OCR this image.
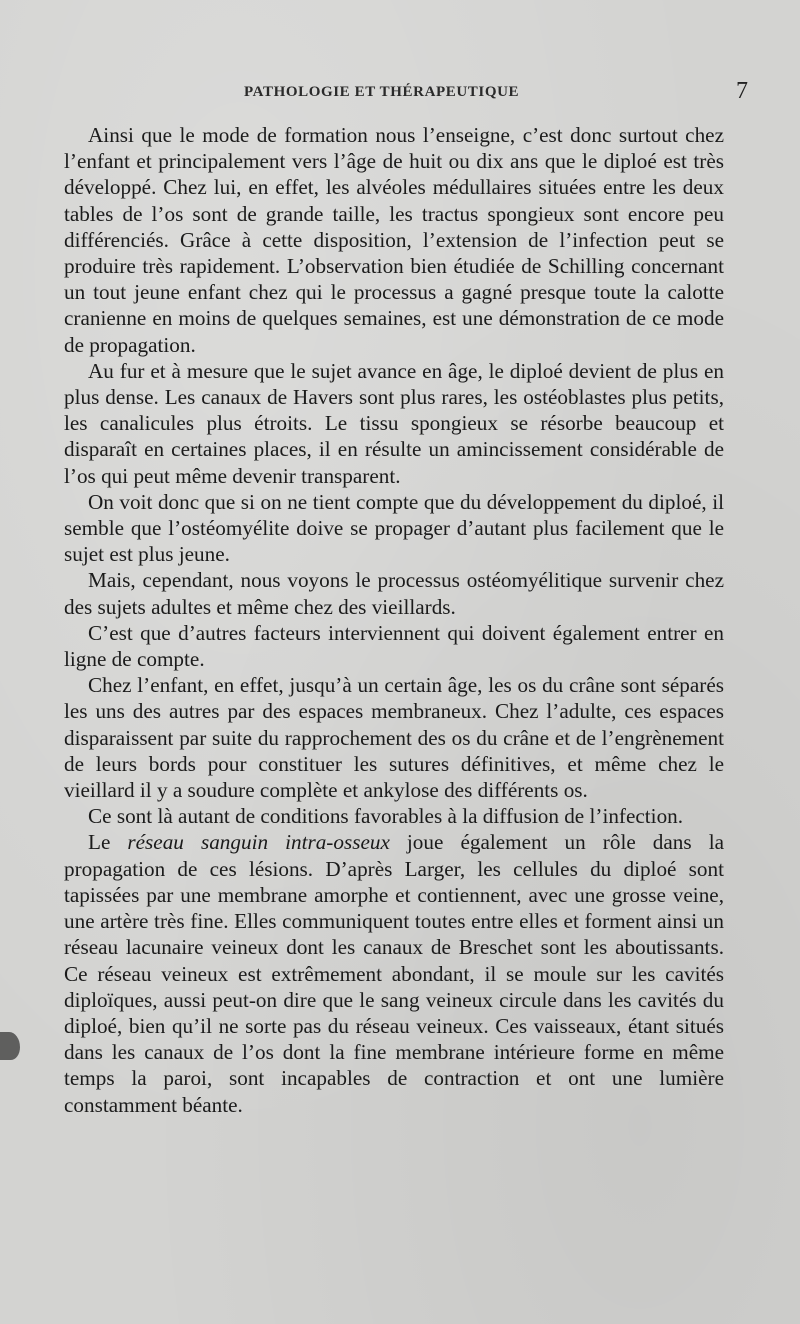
PATHOLOGIE ET THÉRAPEUTIQUE	7

Ainsi que le mode de formation nous l’enseigne, c’est donc surtout chez l’enfant et principalement vers l’âge de huit ou dix ans que le diploé est très développé. Chez lui, en effet, les alvéoles médullaires situées entre les deux tables de l’os sont de grande taille, les tractus spongieux sont encore peu différenciés. Grâce à cette disposition, l’extension de l’infection peut se produire très rapidement. L’observation bien étudiée de Schilling concernant un tout jeune enfant chez qui le processus a gagné presque toute la calotte cranienne en moins de quelques semaines, est une démonstration de ce mode de propagation.

Au fur et à mesure que le sujet avance en âge, le diploé devient de plus en plus dense. Les canaux de Havers sont plus rares, les ostéoblastes plus petits, les canalicules plus étroits. Le tissu spongieux se résorbe beaucoup et disparaît en certaines places, il en résulte un amincissement considérable de l’os qui peut même devenir transparent.

On voit donc que si on ne tient compte que du développement du diploé, il semble que l’ostéomyélite doive se propager d’autant plus facilement que le sujet est plus jeune.

Mais, cependant, nous voyons le processus ostéomyélitique survenir chez des sujets adultes et même chez des vieillards.

C’est que d’autres facteurs interviennent qui doivent également entrer en ligne de compte.

Chez l’enfant, en effet, jusqu’à un certain âge, les os du crâne sont séparés les uns des autres par des espaces membraneux. Chez l’adulte, ces espaces disparaissent par suite du rapprochement des os du crâne et de l’engrènement de leurs bords pour constituer les sutures définitives, et même chez le vieillard il y a soudure complète et ankylose des différents os.

Ce sont là autant de conditions favorables à la diffusion de l’infection.

Le réseau sanguin intra-osseux joue également un rôle dans la propagation de ces lésions. D’après Larger, les cellules du diploé sont tapissées par une membrane amorphe et contiennent, avec une grosse veine, une artère très fine. Elles communiquent toutes entre elles et forment ainsi un réseau lacunaire veineux dont les canaux de Breschet sont les aboutissants. Ce réseau veineux est extrêmement abondant, il se moule sur les cavités diploïques, aussi peut-on dire que le sang veineux circule dans les cavités du diploé, bien qu’il ne sorte pas du réseau veineux. Ces vaisseaux, étant situés dans les canaux de l’os dont la fine membrane intérieure forme en même temps la paroi, sont incapables de contraction et ont une lumière constamment béante.
